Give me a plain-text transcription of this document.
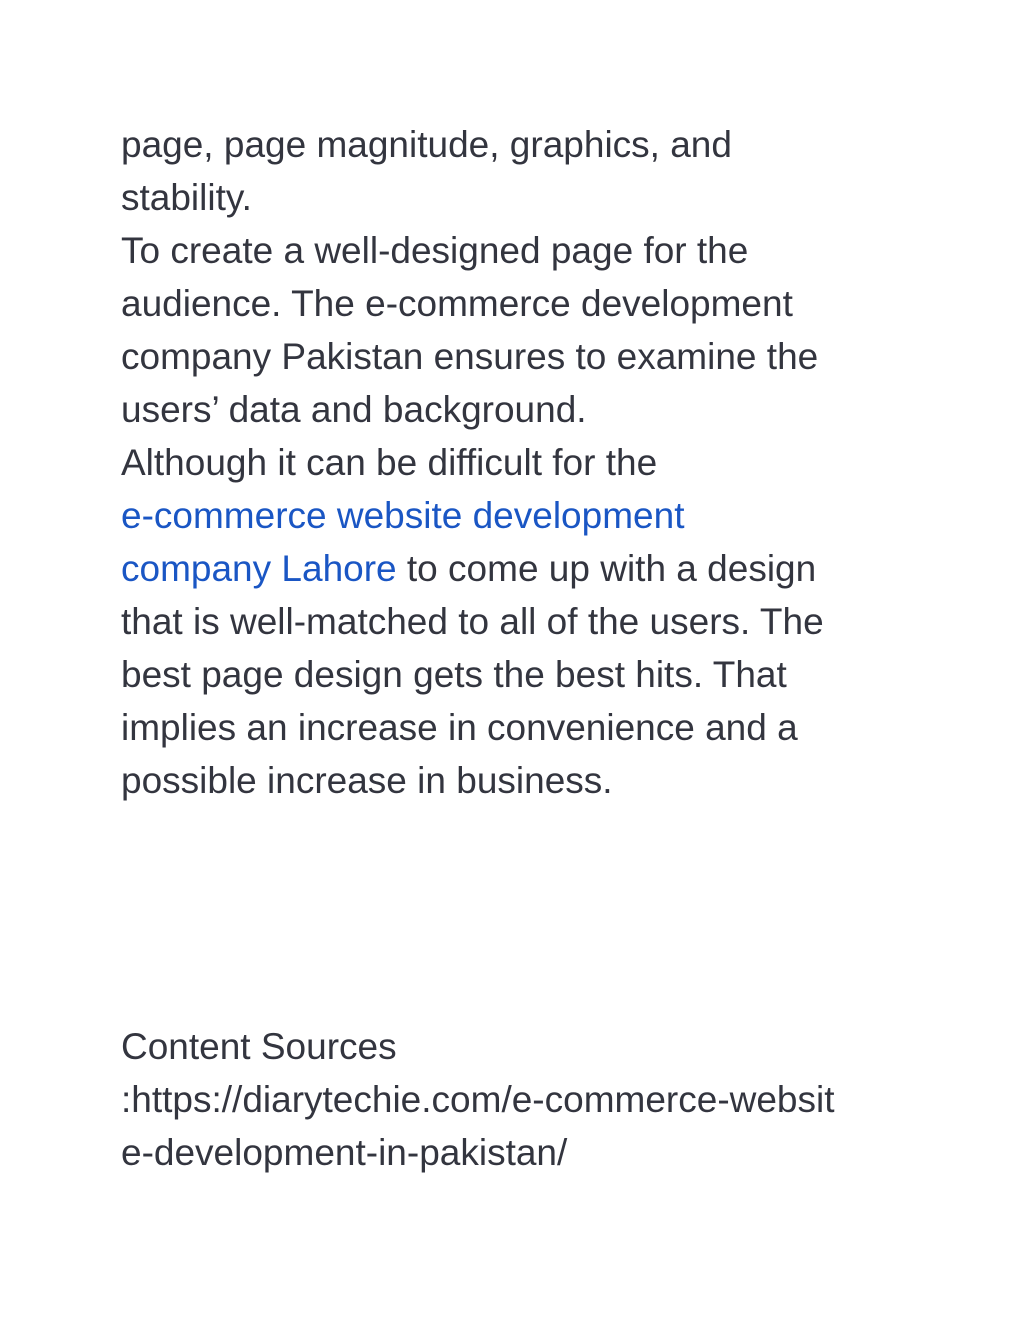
page, page magnitude, graphics, and
stability.
To create a well-designed page for the
audience. The e-commerce development
company Pakistan ensures to examine the
users’ data and background.
Although it can be difficult for the
e-commerce website development
company Lahore to come up with a design
that is well-matched to all of the users. The
best page design gets the best hits. That
implies an increase in convenience and a
possible increase in business.
Content Sources
:https://diarytechie.com/e-commerce-websit
e-development-in-pakistan/
